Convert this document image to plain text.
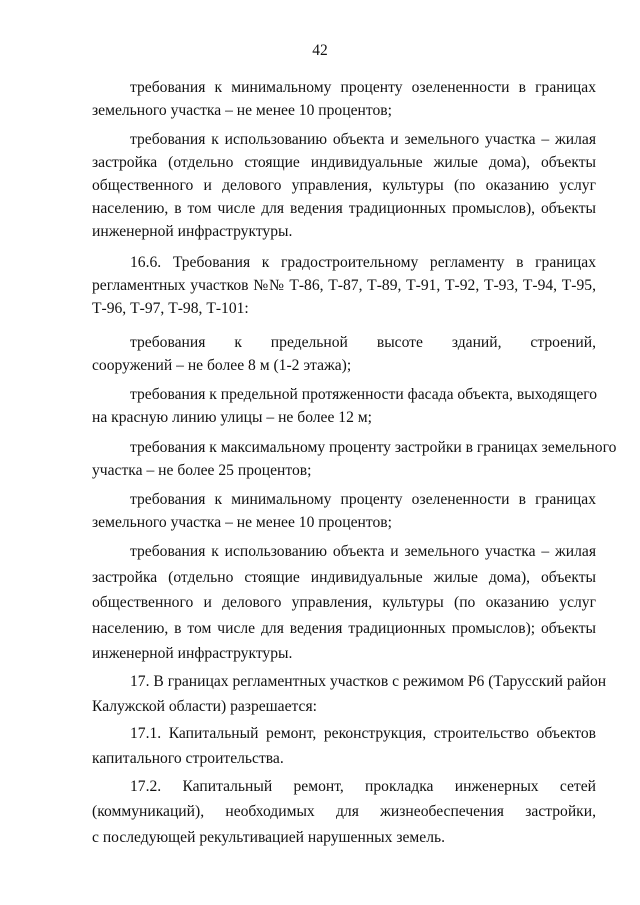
42
требования к минимальному проценту озелененности в границах
земельного участка – не менее 10 процентов;
требования к использованию объекта и земельного участка – жилая
застройка (отдельно стоящие индивидуальные жилые дома), объекты
общественного и делового управления, культуры (по оказанию услуг
населению, в том числе для ведения традиционных промыслов), объекты
инженерной инфраструктуры.
16.6. Требования к градостроительному регламенту в границах
регламентных участков №№ Т-86, Т-87, Т-89, Т-91, Т-92, Т-93, Т-94, Т-95,
Т-96, Т-97, Т-98, Т-101:
требования к предельной высоте зданий, строений,
сооружений – не более 8 м (1-2 этажа);
требования к предельной протяженности фасада объекта, выходящего
на красную линию улицы – не более 12 м;
требования к максимальному проценту застройки в границах земельного
участка – не более 25 процентов;
требования к минимальному проценту озелененности в границах
земельного участка – не менее 10 процентов;
требования к использованию объекта и земельного участка – жилая
застройка (отдельно стоящие индивидуальные жилые дома), объекты
общественного и делового управления, культуры (по оказанию услуг
населению, в том числе для ведения традиционных промыслов); объекты
инженерной инфраструктуры.
17. В границах регламентных участков с режимом Р6 (Тарусский район
Калужской области) разрешается:
17.1. Капитальный ремонт, реконструкция, строительство объектов
капитального строительства.
17.2. Капитальный ремонт, прокладка инженерных сетей
(коммуникаций), необходимых для жизнеобеспечения застройки,
с последующей рекультивацией нарушенных земель.
